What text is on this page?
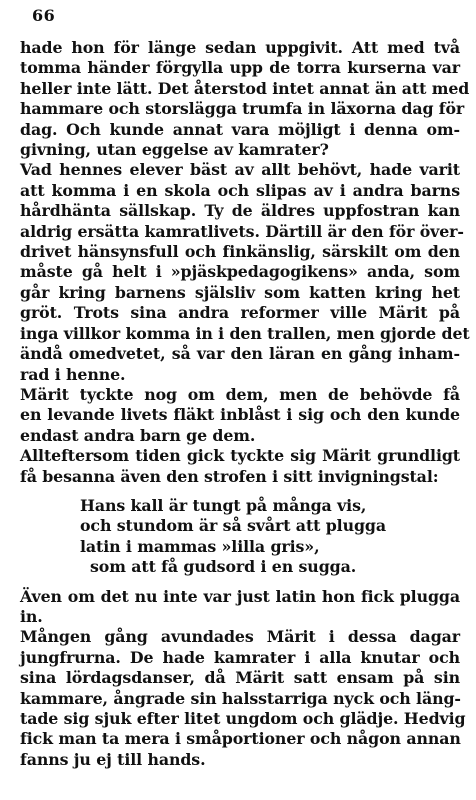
66
hade hon för länge sedan uppgivit. Att med två
tomma händer förgylla upp de torra kurserna var
heller inte lätt. Det återstod intet annat än att med
hammare och storslägga trumfa in läxorna dag för
dag. Och kunde annat vara möjligt i denna om-
givning, utan eggelse av kamrater?
Vad hennes elever bäst av allt behövt, hade varit
att komma i en skola och slipas av i andra barns
hårdhänta sällskap. Ty de äldres uppfostran kan
aldrig ersätta kamratlivets. Därtill är den för över-
drivet hänsynsfull och finkänslig, särskilt om den
måste gå helt i »pjäskpedagogikens» anda, som
går kring barnens själsliv som katten kring het
gröt. Trots sina andra reformer ville Märit på
inga villkor komma in i den trallen, men gjorde det
ändå omedvetet, så var den läran en gång inham-
rad i henne.
Märit tyckte nog om dem, men de behövde få
en levande livets fläkt inblåst i sig och den kunde
endast andra barn ge dem.
Allteftersom tiden gick tyckte sig Märit grundligt
få besanna även den strofen i sitt invigningstal:
Hans kall är tungt på många vis,
och stundom är så svårt att plugga
latin i mammas »lilla gris»,
som att få gudsord i en sugga.
Även om det nu inte var just latin hon fick plugga
in.
Mången gång avundades Märit i dessa dagar
jungfrurna. De hade kamrater i alla knutar och
sina lördagsdanser, då Märit satt ensam på sin
kammare, ångrade sin halsstarriga nyck och läng-
tade sig sjuk efter litet ungdom och glädje. Hedvig
fick man ta mera i småportioner och någon annan
fanns ju ej till hands.
